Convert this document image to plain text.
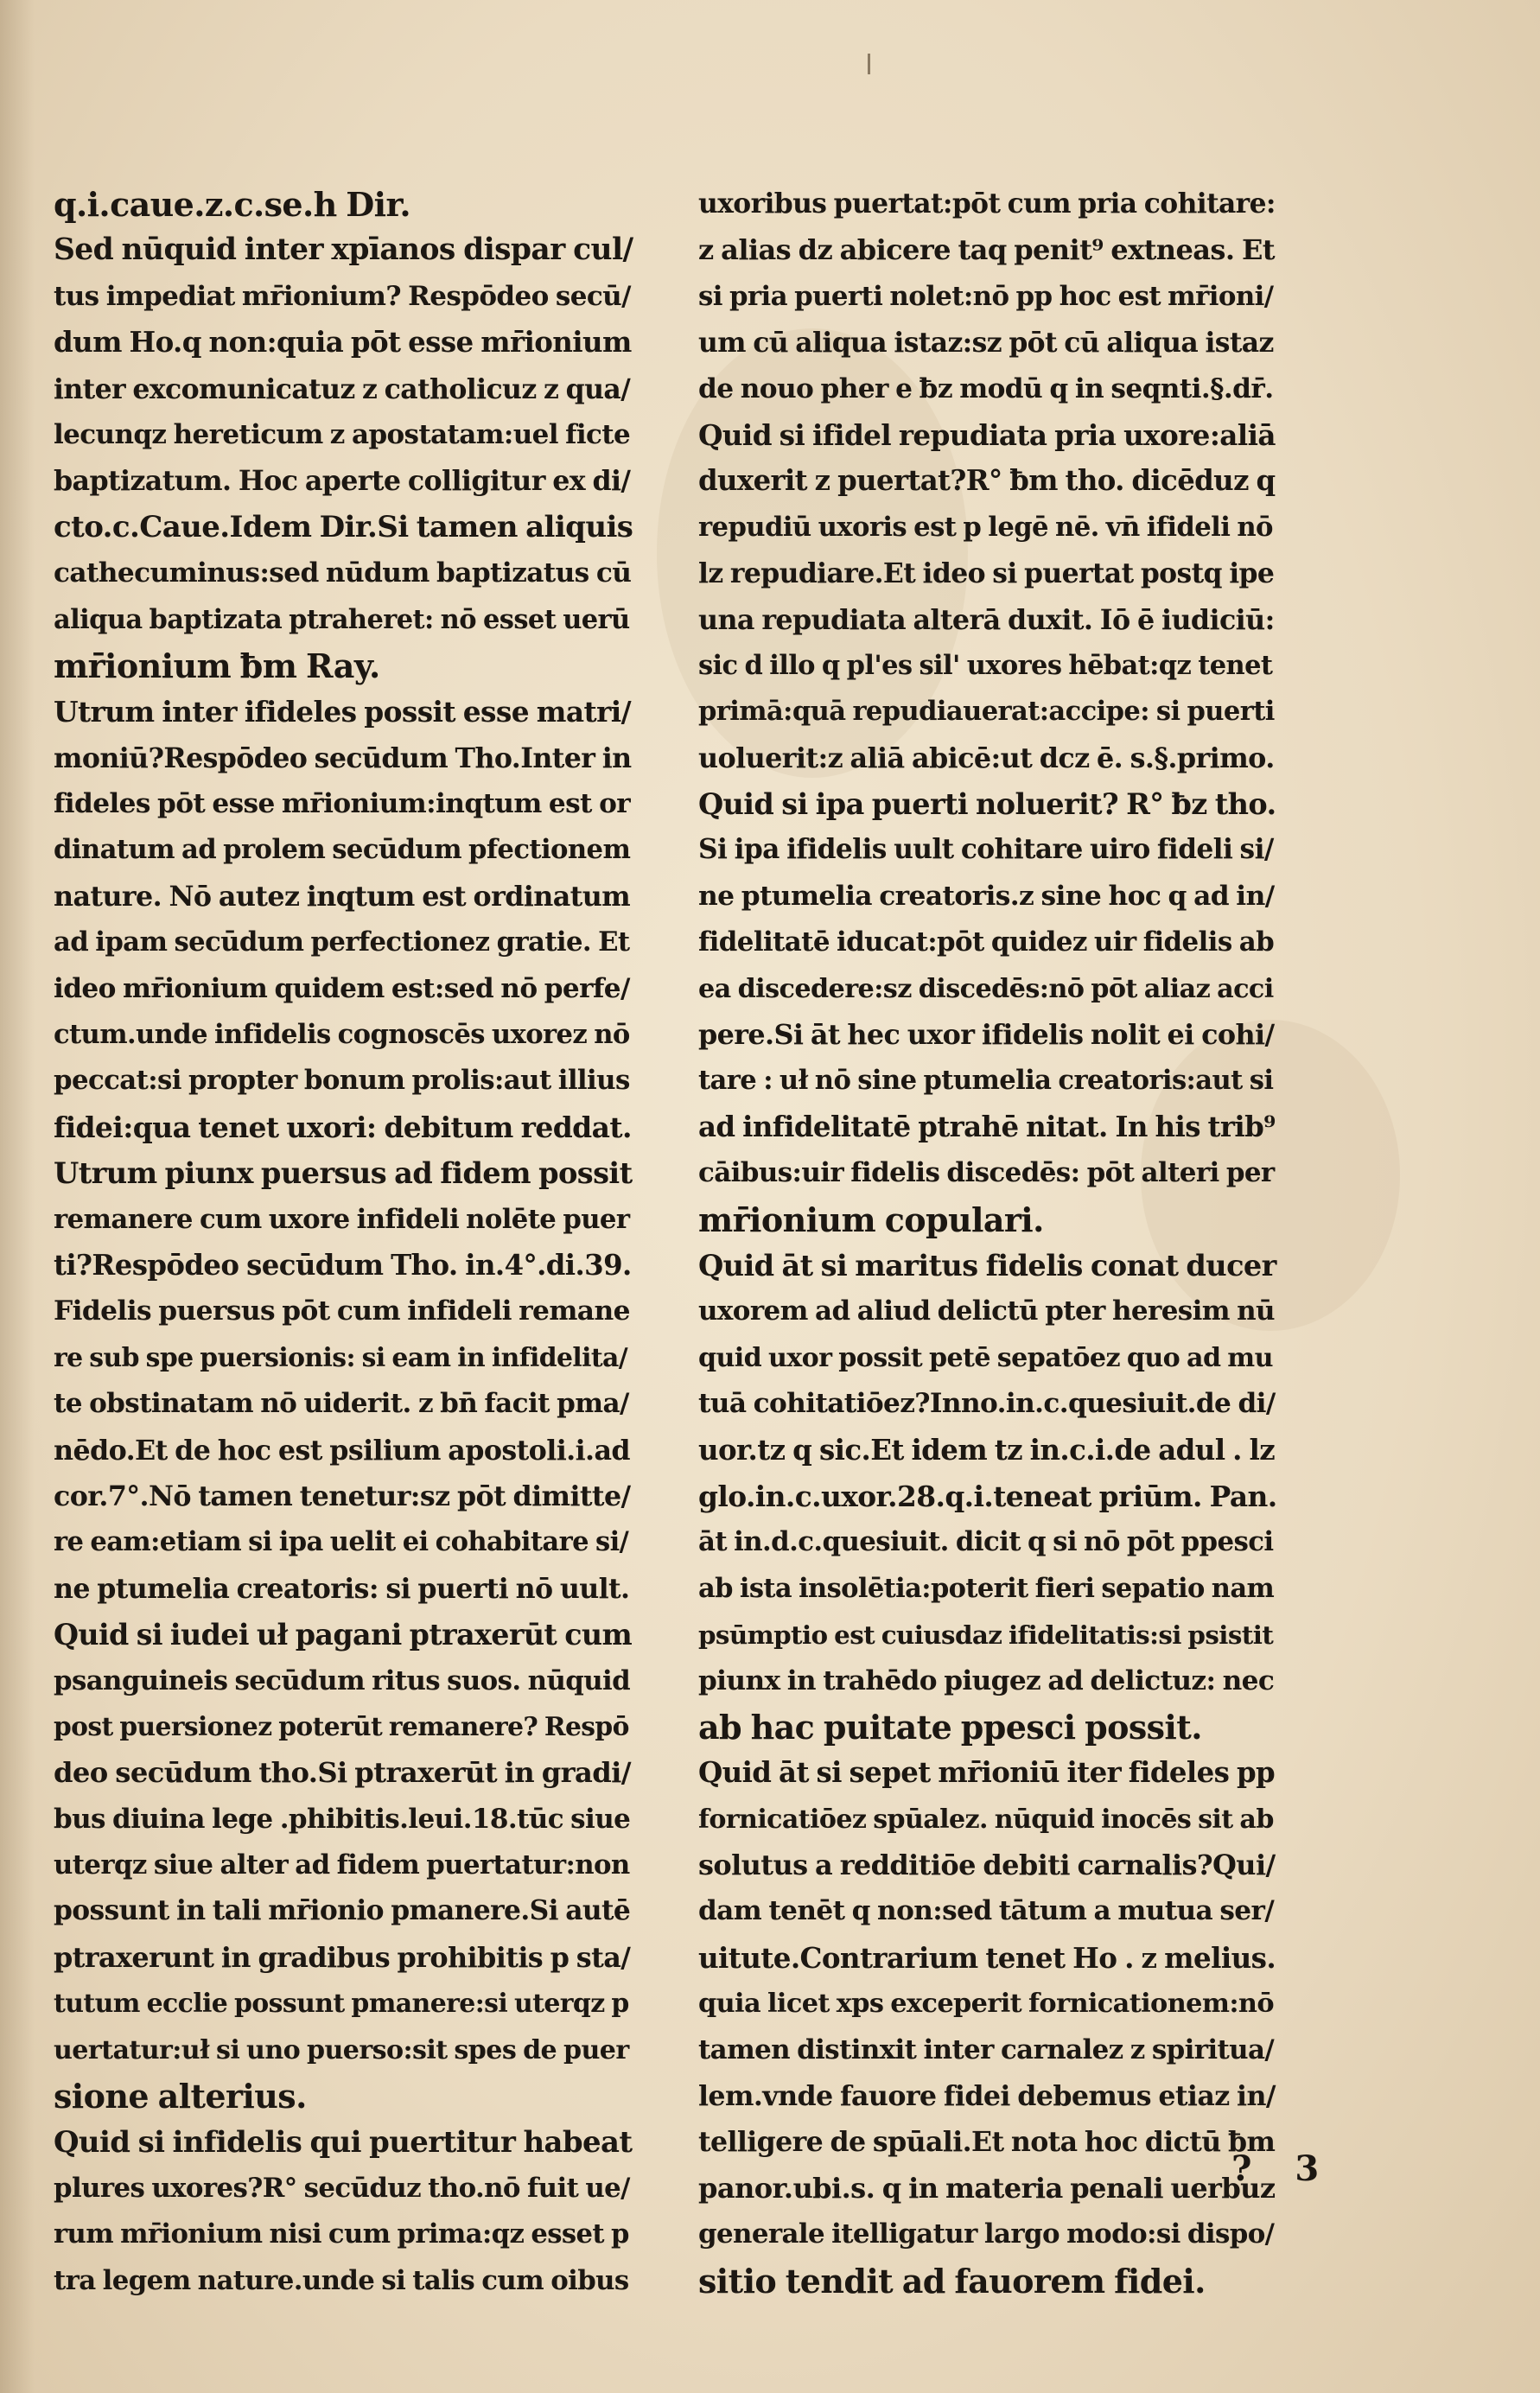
q.i.caue.z.c.se.h Dir.
Sed nūquid inter xpīanos dispar cul/
tus impediat mr̄ionium? Respōdeo secū/
dum Ho.q non:quia pōt esse mr̄ionium
inter excomunicatuz z catholicuz z qua/
lecunqz hereticum z apostatam:uel ficte
baptizatum. Hoc aperte colligitur ex di/
cto.c.Caue.Idem Dir.Si tamen aliquis
cathecuminus:sed nūdum baptizatus cū
aliqua baptizata ptraheret: nō esset uerū
mr̄ionium ƀm Ray.
Utrum inter ifideles possit esse matri/
moniū?Respōdeo secūdum Tho.Inter in
fideles pōt esse mr̄ionium:inqtum est or
dinatum ad prolem secūdum pfectionem
nature. Nō autez inqtum est ordinatum
ad ipam secūdum perfectionez gratie. Et
ideo mr̄ionium quidem est:sed nō perfe/
ctum.unde infidelis cognoscēs uxorez nō
peccat:si propter bonum prolis:aut illius
fidei:qua tenet uxori: debitum reddat.
Utrum piunx puersus ad fidem possit
remanere cum uxore infideli nolēte puer
ti?Respōdeo secūdum Tho. in.4°.di.39.
Fidelis puersus pōt cum infideli remane
re sub spe puersionis: si eam in infidelita/
te obstinatam nō uiderit. z bn̄ facit pma/
nēdo.Et de hoc est psilium apostoli.i.ad
cor.7°.Nō tamen tenetur:sz pōt dimitte/
re eam:etiam si ipa uelit ei cohabitare si/
ne ptumelia creatoris: si puerti nō uult.
Quid si iudei uł pagani ptraxerūt cum
psanguineis secūdum ritus suos. nūquid
post puersionez poterūt remanere? Respō
deo secūdum tho.Si ptraxerūt in gradi/
bus diuina lege .phibitis.leui.18.tūc siue
uterqz siue alter ad fidem puertatur:non
possunt in tali mr̄ionio pmanere.Si autē
ptraxerunt in gradibus prohibitis p sta/
tutum ecclie possunt pmanere:si uterqz p
uertatur:uł si uno puerso:sit spes de puer
sione alterius.
Quid si infidelis qui puertitur habeat
plures uxores?R° secūduz tho.nō fuit ue/
rum mr̄ionium nisi cum prima:qz esset p
tra legem nature.unde si talis cum oibus
uxoribus puertat:pōt cum pria cohitare:
z alias dz abicere taq penit⁹ extneas. Et
si pria puerti nolet:nō pp hoc est mr̄ioni/
um cū aliqua istaz:sz pōt cū aliqua istaz
de nouo pher e ƀz modū q in seqnti.§.dr̄.
Quid si ifidel repudiata pria uxore:aliā
duxerit z puertat?R° ƀm tho. dicēduz q
repudiū uxoris est p legē nē. vn̄ ifideli nō
lz repudiare.Et ideo si puertat postq ipe
una repudiata alterā duxit. Iō ē iudiciū:
sic d illo q pl'es sil' uxores hēbat:qz tenet
primā:quā repudiauerat:accipe: si puerti
uoluerit:z aliā abicē:ut dcz ē. s.§.primo.
Quid si ipa puerti noluerit? R° ƀz tho.
Si ipa ifidelis uult cohitare uiro fideli si/
ne ptumelia creatoris.z sine hoc q ad in/
fidelitatē iducat:pōt quidez uir fidelis ab
ea discedere:sz discedēs:nō pōt aliaz acci
pere.Si āt hec uxor ifidelis nolit ei cohi/
tare : uł nō sine ptumelia creatoris:aut si
ad infidelitatē ptrahē nitat. In his trib⁹
cāibus:uir fidelis discedēs: pōt alteri per
mr̄ionium copulari.
Quid āt si maritus fidelis conat ducer
uxorem ad aliud delictū pter heresim nū
quid uxor possit petē sepatōez quo ad mu
tuā cohitatiōez?Inno.in.c.quesiuit.de di/
uor.tz q sic.Et idem tz in.c.i.de adul . lz
glo.in.c.uxor.28.q.i.teneat priūm. Pan.
āt in.d.c.quesiuit. dicit q si nō pōt ppesci
ab ista insolētia:poterit fieri sepatio nam
psūmptio est cuiusdaz ifidelitatis:si psistit
piunx in trahēdo piugez ad delictuz: nec
ab hac puitate ppesci possit.
Quid āt si sepet mr̄ioniū iter fideles pp
fornicatiōez spūalez. nūquid inocēs sit ab
solutus a redditiōe debiti carnalis?Qui/
dam tenēt q non:sed tātum a mutua ser/
uitute.Contrarium tenet Ho . z melius.
quia licet xps exceperit fornicationem:nō
tamen distinxit inter carnalez z spiritua/
lem.vnde fauore fidei debemus etiaz in/
telligere de spūali.Et nota hoc dictū ƀm
panor.ubi.s. q in materia penali uerbuz
generale itelligatur largo modo:si dispo/
sitio tendit ad fauorem fidei.
? 3
